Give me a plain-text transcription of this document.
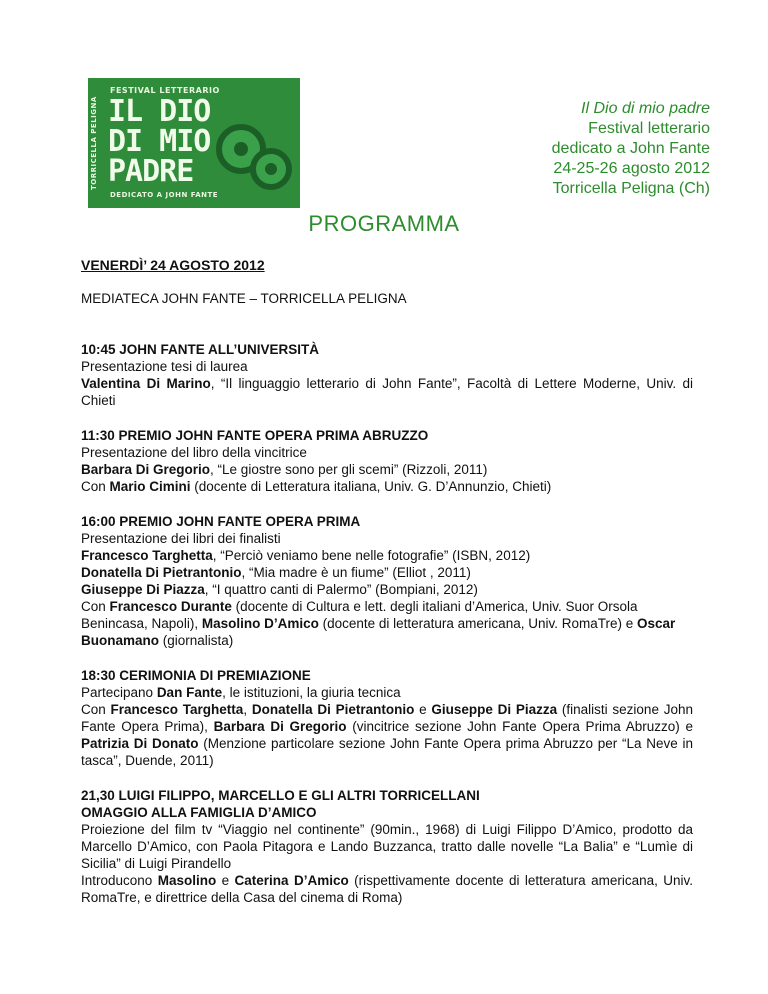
TORRICELLA PELIGNA
FESTIVAL LETTERARIO
IL DIO
DI MIO
PADRE
DEDICATO A JOHN FANTE
Il Dio di mio padre
Festival letterario
dedicato a John Fante
24-25-26 agosto 2012
Torricella Peligna (Ch)
PROGRAMMA
VENERDÌ’ 24 AGOSTO 2012
MEDIATECA JOHN FANTE – TORRICELLA PELIGNA

10:45 JOHN FANTE ALL’UNIVERSITÀ

Presentazione tesi di laurea

Valentina Di Marino, “Il linguaggio letterario di John Fante”, Facoltà di Lettere Moderne, Univ. di Chieti

11:30 PREMIO JOHN FANTE OPERA PRIMA ABRUZZO

Presentazione del libro della vincitrice

Barbara Di Gregorio, “Le giostre sono per gli scemi” (Rizzoli, 2011)

Con Mario Cimini (docente di Letteratura italiana, Univ. G. D’Annunzio, Chieti)

16:00 PREMIO JOHN FANTE OPERA PRIMA

Presentazione dei libri dei finalisti

Francesco Targhetta, “Perciò veniamo bene nelle fotografie” (ISBN, 2012)

Donatella Di Pietrantonio, “Mia madre è un fiume” (Elliot , 2011)

Giuseppe Di Piazza, “I quattro canti di Palermo” (Bompiani, 2012)

Con Francesco Durante (docente di Cultura e lett. degli italiani d’America, Univ. Suor Orsola Benincasa, Napoli), Masolino D’Amico (docente di letteratura americana, Univ. RomaTre) e Oscar Buonamano (giornalista)

18:30 CERIMONIA DI PREMIAZIONE

Partecipano Dan Fante, le istituzioni, la giuria tecnica

Con Francesco Targhetta, Donatella Di Pietrantonio e Giuseppe Di Piazza (finalisti sezione John Fante Opera Prima), Barbara Di Gregorio (vincitrice sezione John Fante Opera Prima Abruzzo) e Patrizia Di Donato (Menzione particolare sezione John Fante Opera prima Abruzzo per “La Neve in tasca”, Duende, 2011)

21,30 LUIGI FILIPPO, MARCELLO E GLI ALTRI TORRICELLANI

OMAGGIO ALLA FAMIGLIA D’AMICO

Proiezione del film tv “Viaggio nel continente” (90min., 1968) di Luigi Filippo D’Amico, prodotto da Marcello D’Amico, con Paola Pitagora e Lando Buzzanca, tratto dalle novelle “La Balia” e “Lumìe di Sicilia” di Luigi Pirandello

Introducono Masolino e Caterina D’Amico (rispettivamente docente di letteratura americana, Univ. RomaTre, e direttrice della Casa del cinema di Roma)
